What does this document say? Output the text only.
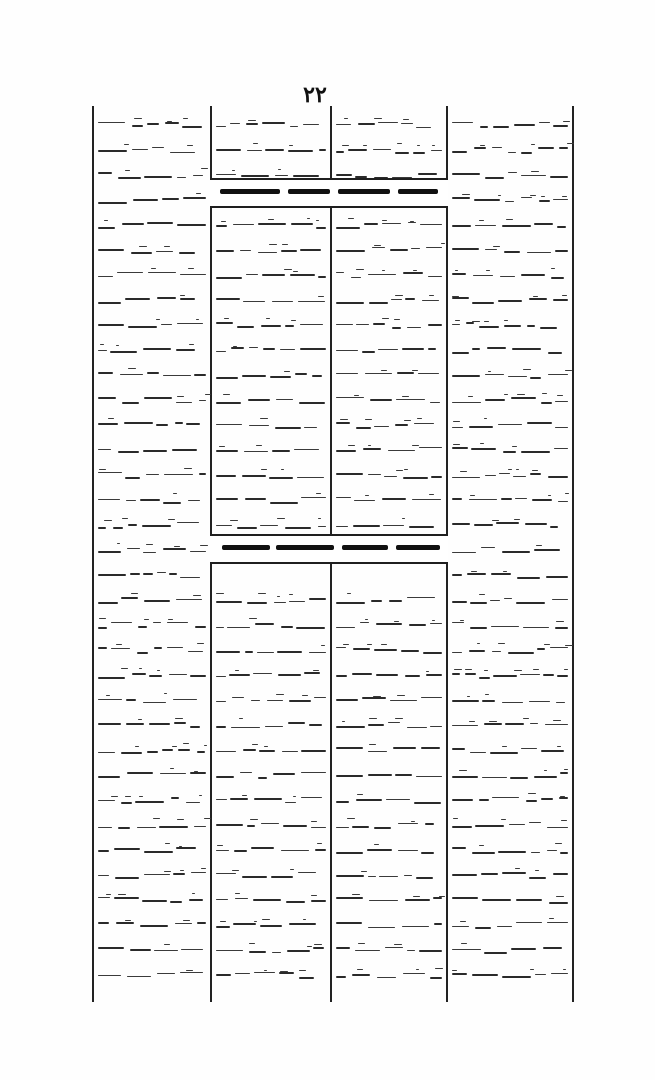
۲۲
